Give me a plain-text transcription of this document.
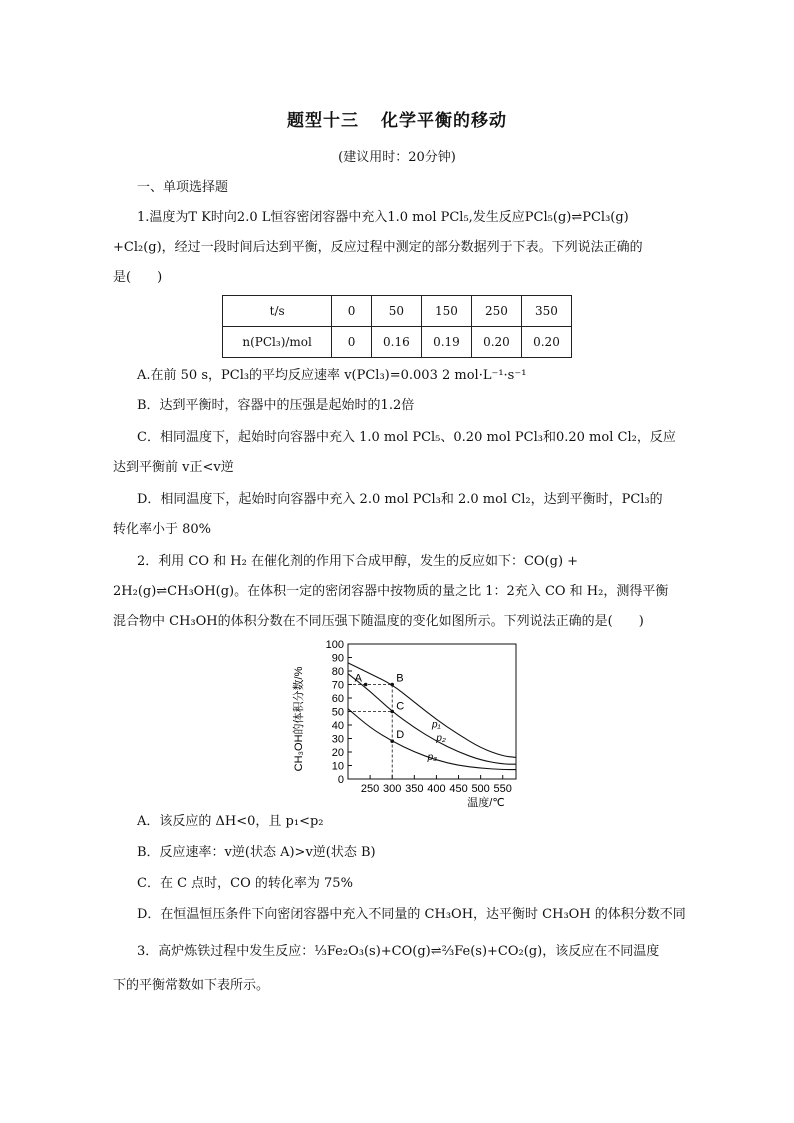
题型十三 化学平衡的移动
(建议用时：20分钟)
一、单项选择题
1.温度为T K时向2.0 L恒容密闭容器中充入1.0 mol PCl₅,发生反应PCl₅(g)⇌PCl₃(g)
+Cl₂(g)，经过一段时间后达到平衡，反应过程中测定的部分数据列于下表。下列说法正确的
是(　　)
t/s	0	50	150	250	350
n(PCl₃)/mol	0	0.16	0.19	0.20	0.20
A.在前 50 s，PCl₃的平均反应速率 v(PCl₃)=0.003 2 mol·L⁻¹·s⁻¹
B．达到平衡时，容器中的压强是起始时的1.2倍
C．相同温度下，起始时向容器中充入 1.0 mol PCl₅、0.20 mol PCl₃和0.20 mol Cl₂，反应
达到平衡前 v正<v逆
D．相同温度下，起始时向容器中充入 2.0 mol PCl₃和 2.0 mol Cl₂，达到平衡时，PCl₃的
转化率小于 80%
2．利用 CO 和 H₂ 在催化剂的作用下合成甲醇，发生的反应如下：CO(g) +
2H₂(g)⇌CH₃OH(g)。在体积一定的密闭容器中按物质的量之比 1：2充入 CO 和 H₂，测得平衡
混合物中 CH₃OH的体积分数在不同压强下随温度的变化如图所示。下列说法正确的是(　　)
p₁
p₂
p₃
A	B
C
D
0
10
20
30
40
50
60
70
80
90
100
250 300 350 400 450 500 550
温度/℃
CH₃OH的体积分数/%
A．该反应的 ΔH<0，且 p₁<p₂
B．反应速率：v逆(状态 A)>v逆(状态 B)
C．在 C 点时，CO 的转化率为 75%
D．在恒温恒压条件下向密闭容器中充入不同量的 CH₃OH，达平衡时 CH₃OH 的体积分数不同
3．高炉炼铁过程中发生反应：⅓Fe₂O₃(s)+CO(g)⇌⅔Fe(s)+CO₂(g)，该反应在不同温度
下的平衡常数如下表所示。
